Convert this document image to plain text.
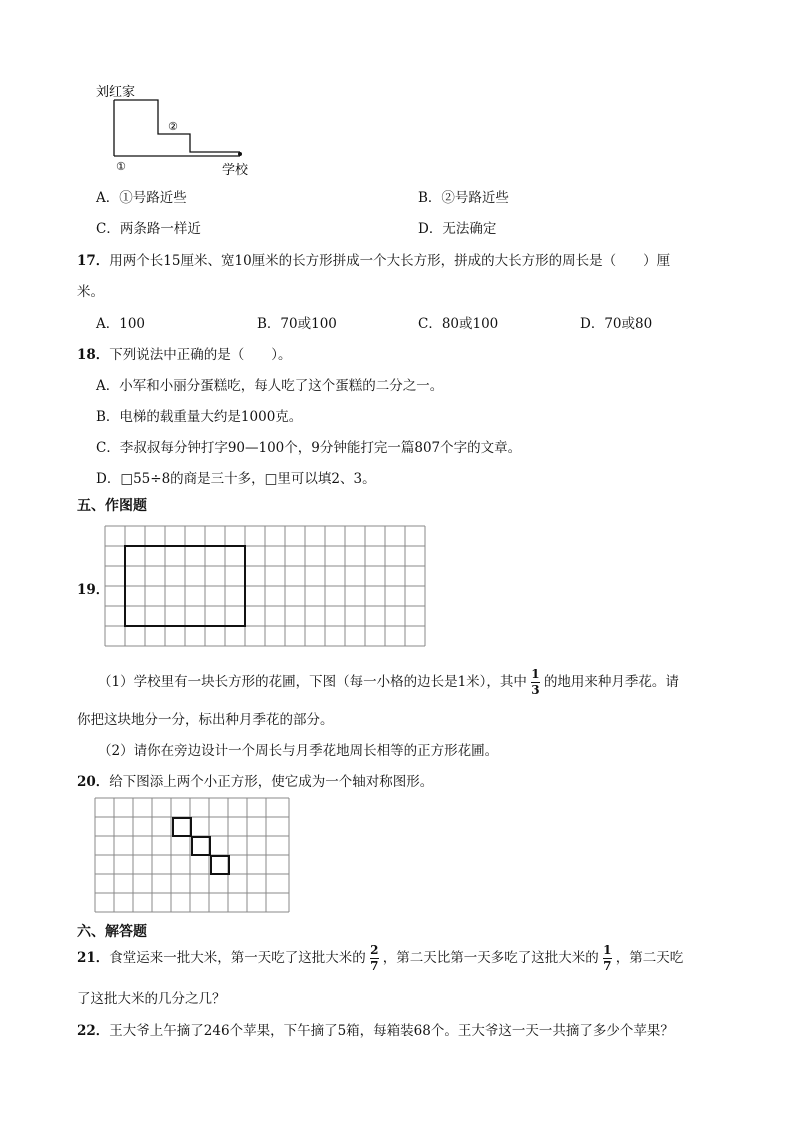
刘红家
②
①	学校
A．①号路近些	B．②号路近些
C．两条路一样近	D．无法确定
17．用两个长15厘米、宽10厘米的长方形拼成一个大长方形，拼成的大长方形的周长是（　　）厘
米。
A．100	B．70或100	C．80或100	D．70或80
18．下列说法中正确的是（　　）。
A．小军和小丽分蛋糕吃，每人吃了这个蛋糕的二分之一。
B．电梯的载重量大约是1000克。
C．李叔叔每分钟打字90—100个，9分钟能打完一篇807个字的文章。
D．□55÷8的商是三十多，□里可以填2、3。
五、作图题
19．
（1）学校里有一块长方形的花圃，下图（每一小格的边长是1米），其中 $\frac{1}{3}$ 的地用来种月季花。请
你把这块地分一分，标出种月季花的部分。
（2）请你在旁边设计一个周长与月季花地周长相等的正方形花圃。
20．给下图添上两个小正方形，使它成为一个轴对称图形。
六、解答题
21．食堂运来一批大米，第一天吃了这批大米的 $\frac{2}{7}$ ，第二天比第一天多吃了这批大米的 $\frac{1}{7}$ ，第二天吃
了这批大米的几分之几？
22．王大爷上午摘了246个苹果，下午摘了5箱，每箱装68个。王大爷这一天一共摘了多少个苹果？
